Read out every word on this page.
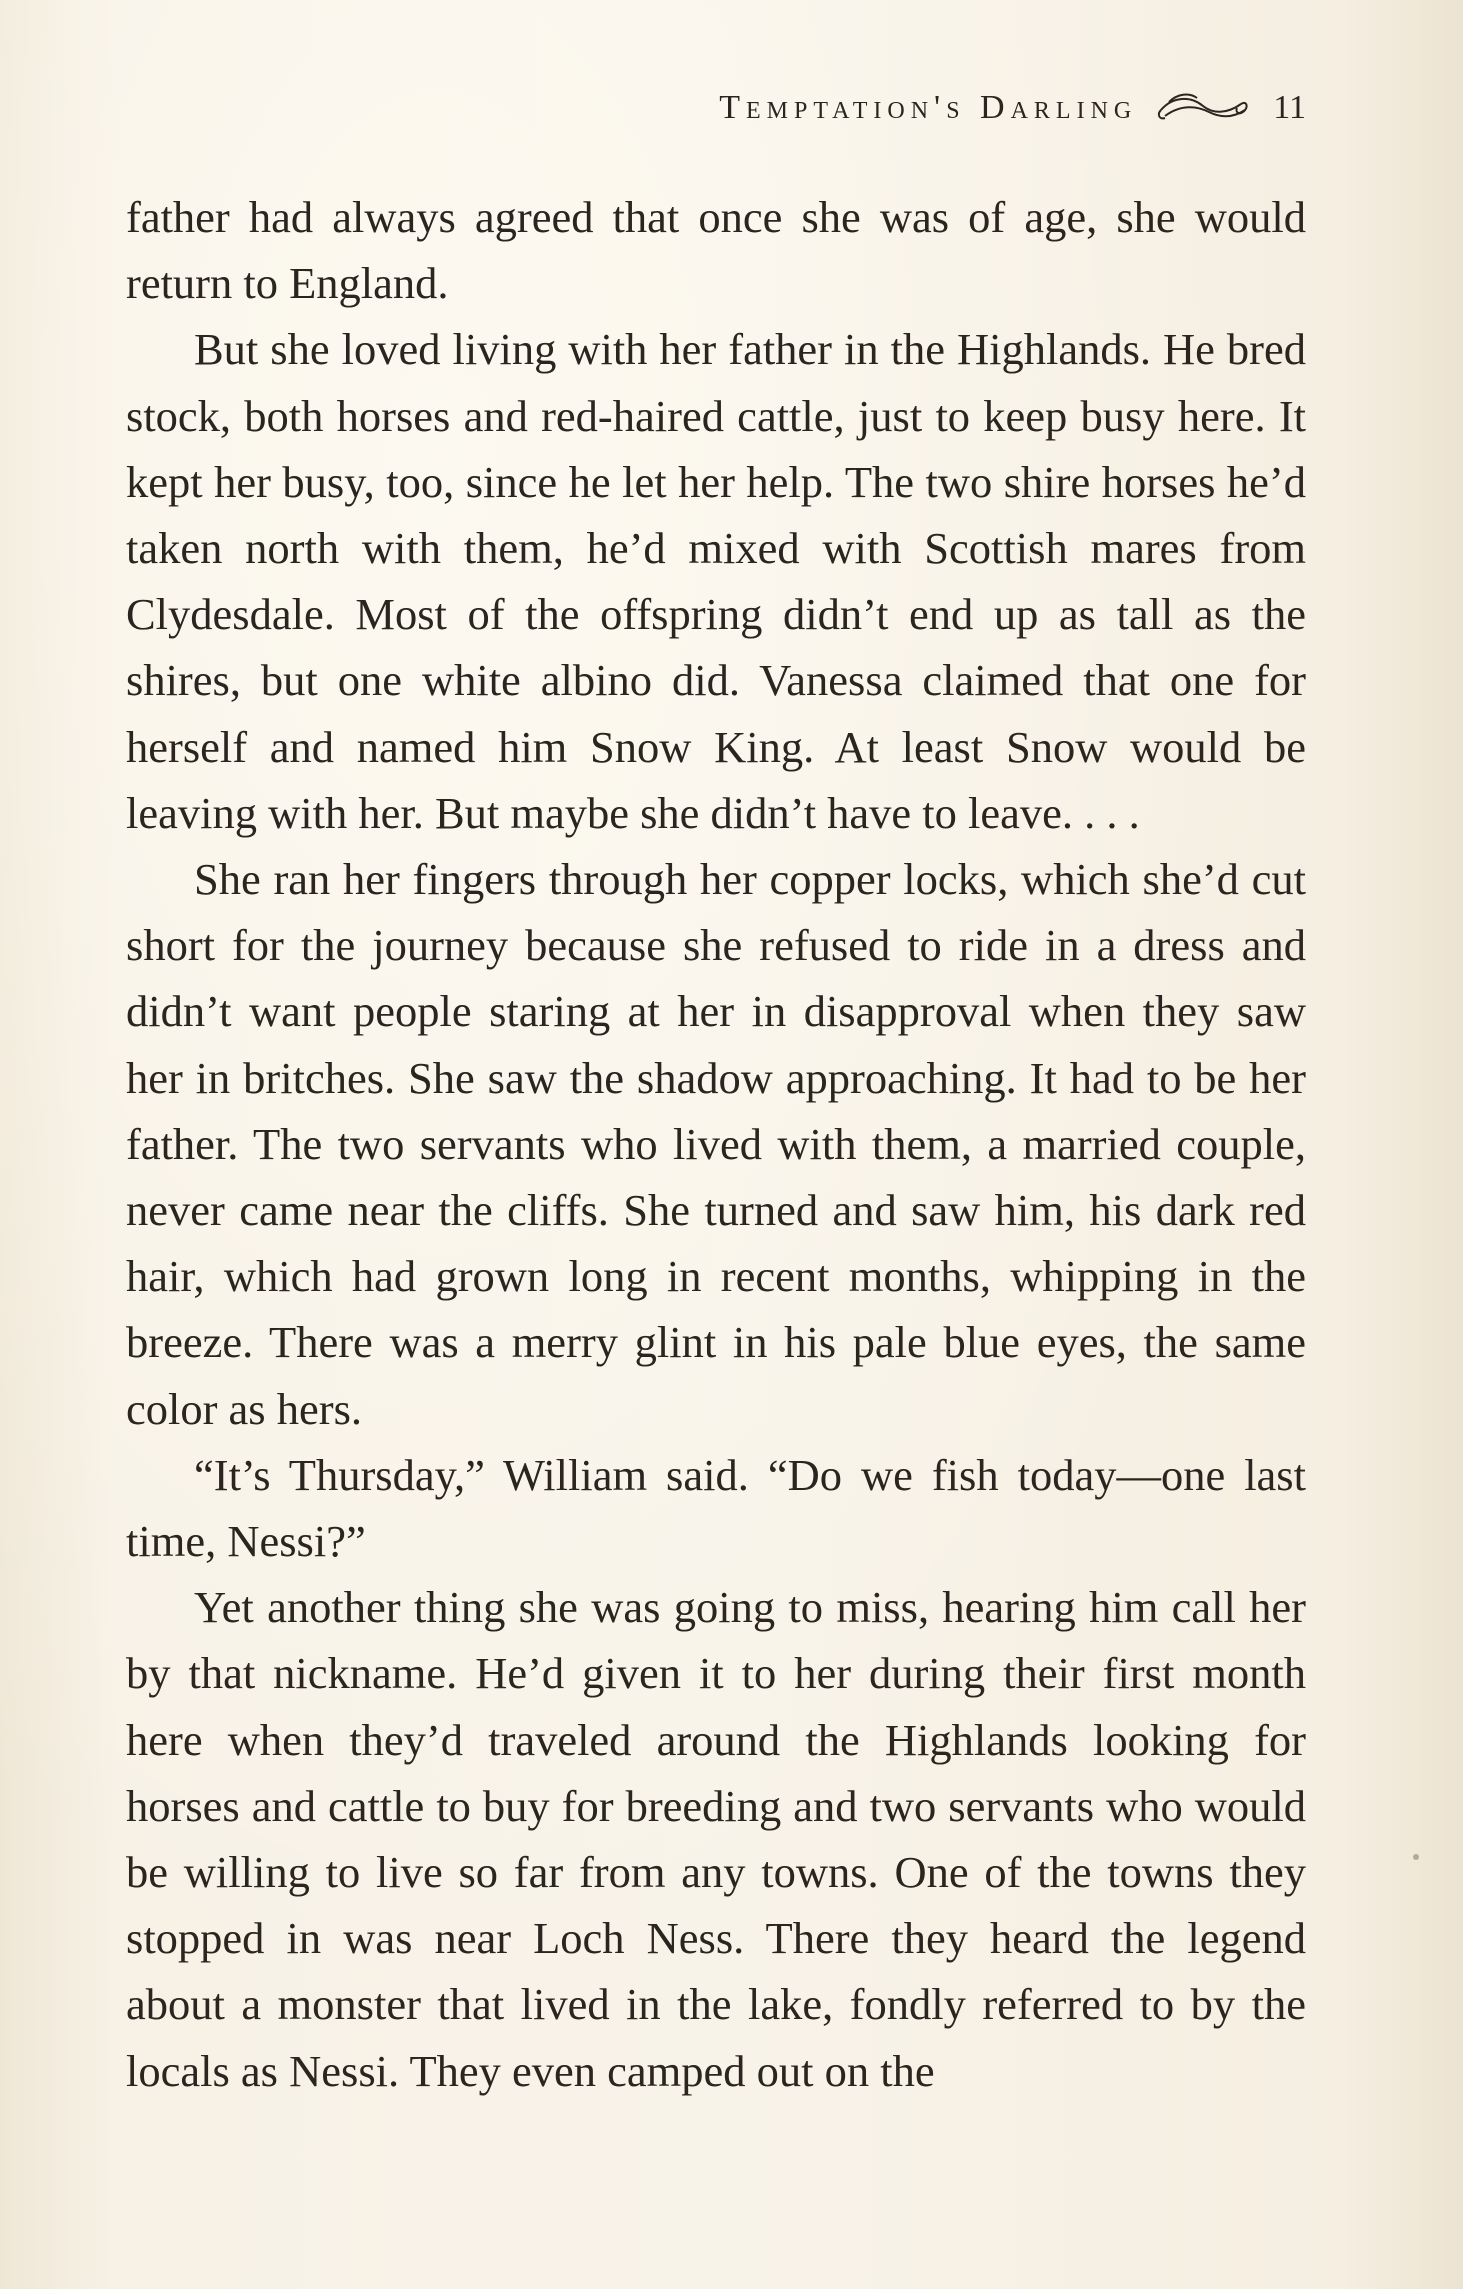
Temptation's Darling	11

father had always agreed that once she was of age, she would return to England.

But she loved living with her father in the Highlands. He bred stock, both horses and red-haired cattle, just to keep busy here. It kept her busy, too, since he let her help. The two shire horses he’d taken north with them, he’d mixed with Scottish mares from Clydesdale. Most of the offspring didn’t end up as tall as the shires, but one white albino did. Vanessa claimed that one for herself and named him Snow King. At least Snow would be leaving with her. But maybe she didn’t have to leave. . . .

She ran her fingers through her copper locks, which she’d cut short for the journey because she refused to ride in a dress and didn’t want people staring at her in disapproval when they saw her in britches. She saw the shadow approaching. It had to be her father. The two servants who lived with them, a married couple, never came near the cliffs. She turned and saw him, his dark red hair, which had grown long in recent months, whipping in the breeze. There was a merry glint in his pale blue eyes, the same color as hers.

“It’s Thursday,” William said. “Do we fish today—one last time, Nessi?”

Yet another thing she was going to miss, hearing him call her by that nickname. He’d given it to her during their first month here when they’d traveled around the Highlands looking for horses and cattle to buy for breeding and two servants who would be willing to live so far from any towns. One of the towns they stopped in was near Loch Ness. There they heard the legend about a monster that lived in the lake, fondly referred to by the locals as Nessi. They even camped out on the
